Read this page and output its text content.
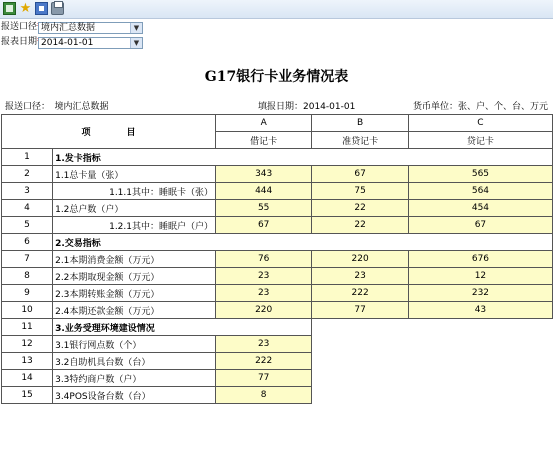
★
报送口径 境内汇总数据	▼
报表日期 2014-01-01	▼
G17银行卡业务情况表
报送口径：　境内汇总数据	填报日期：2014-01-01	货币单位：张、户、个、台、万元
项　　　　目		A	B	C
		借记卡	准贷记卡	贷记卡
1	1.发卡指标			
2	1.1总卡量（张）	343	67	565
3	1.1.1其中：睡眠卡（张）	444	75	564
4	1.2总户数（户）	55	22	454
5	1.2.1其中：睡眠户（户）	67	22	67
6	2.交易指标			
7	2.1本期消费金额（万元）	76	220	676
8	2.2本期取现金额（万元）	23	23	12
9	2.3本期转账金额（万元）	23	222	232
10	2.4本期还款金额（万元）	220	77	43
11	3.业务受理环境建设情况			
12	3.1银行网点数（个）	23		
13	3.2自助机具台数（台）	222		
14	3.3特约商户数（户）	77		
15	3.4POS设备台数（台）	8		
